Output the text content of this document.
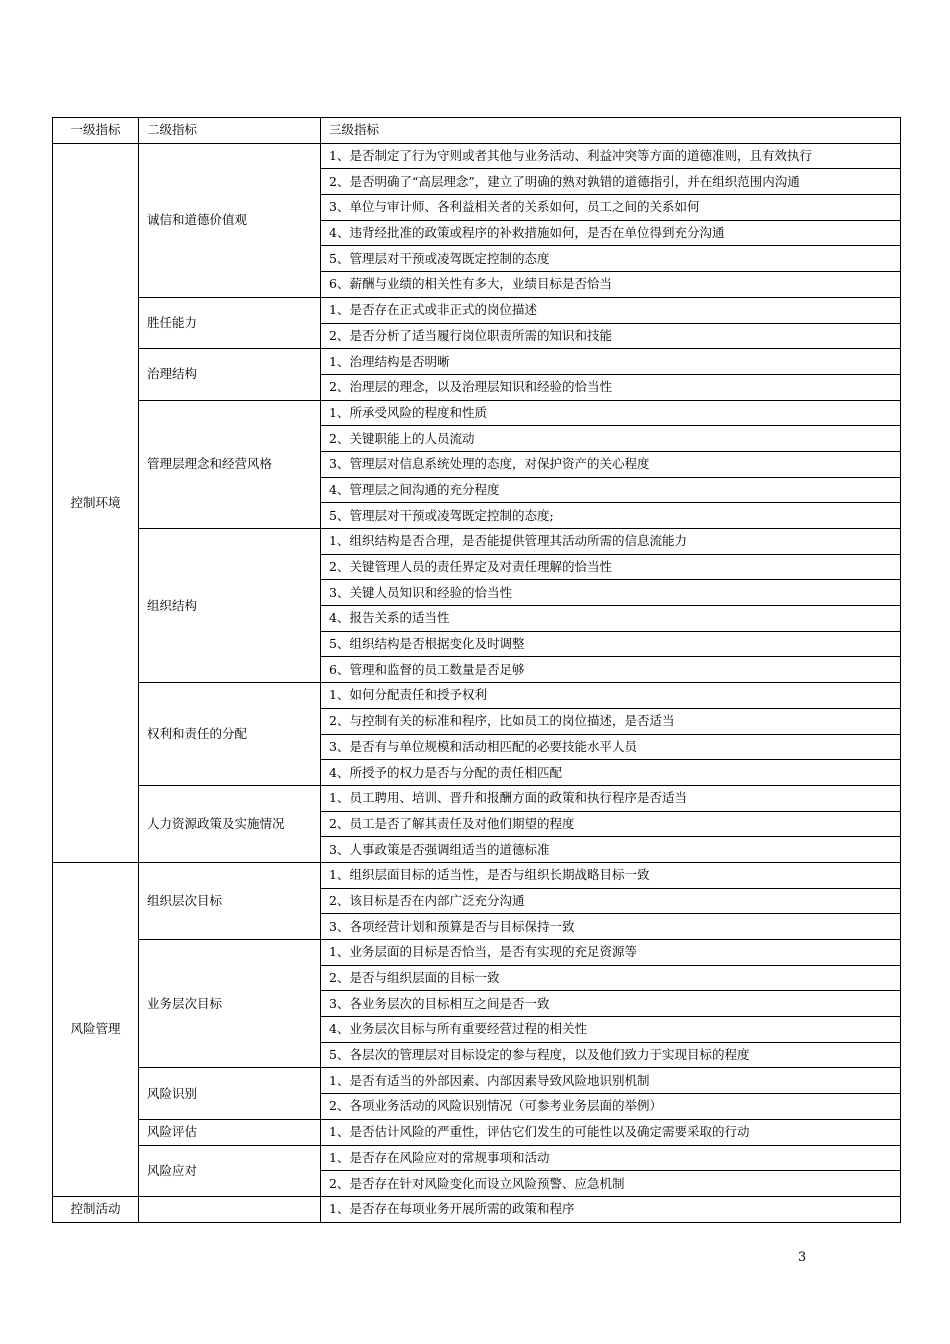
一级指标	二级指标	三级指标
控制环境	诚信和道德价值观	1、是否制定了行为守则或者其他与业务活动、利益冲突等方面的道德准则，且有效执行
		2、是否明确了“高层理念”，建立了明确的熟对孰错的道德指引，并在组织范围内沟通
		3、单位与审计师、各利益相关者的关系如何，员工之间的关系如何
		4、违背经批准的政策或程序的补救措施如何，是否在单位得到充分沟通
		5、管理层对干预或凌驾既定控制的态度
		6、薪酬与业绩的相关性有多大，业绩目标是否恰当
	胜任能力	1、是否存在正式或非正式的岗位描述
		2、是否分析了适当履行岗位职责所需的知识和技能
	治理结构	1、治理结构是否明晰
		2、治理层的理念，以及治理层知识和经验的恰当性
	管理层理念和经营风格	1、所承受风险的程度和性质
		2、关键职能上的人员流动
		3、管理层对信息系统处理的态度，对保护资产的关心程度
		4、管理层之间沟通的充分程度
		5、管理层对干预或凌驾既定控制的态度;
	组织结构	1、组织结构是否合理，是否能提供管理其活动所需的信息流能力
		2、关键管理人员的责任界定及对责任理解的恰当性
		3、关键人员知识和经验的恰当性
		4、报告关系的适当性
		5、组织结构是否根据变化及时调整
		6、管理和监督的员工数量是否足够
	权利和责任的分配	1、如何分配责任和授予权利
		2、与控制有关的标准和程序，比如员工的岗位描述，是否适当
		3、是否有与单位规模和活动相匹配的必要技能水平人员
		4、所授予的权力是否与分配的责任相匹配
	人力资源政策及实施情况	1、员工聘用、培训、晋升和报酬方面的政策和执行程序是否适当
		2、员工是否了解其责任及对他们期望的程度
		3、人事政策是否强调组适当的道德标准
风险管理	组织层次目标	1、组织层面目标的适当性，是否与组织长期战略目标一致
		2、该目标是否在内部广泛充分沟通
		3、各项经营计划和预算是否与目标保持一致
	业务层次目标	1、业务层面的目标是否恰当，是否有实现的充足资源等
		2、是否与组织层面的目标一致
		3、各业务层次的目标相互之间是否一致
		4、业务层次目标与所有重要经营过程的相关性
		5、各层次的管理层对目标设定的参与程度，以及他们致力于实现目标的程度
	风险识别	1、是否有适当的外部因素、内部因素导致风险地识别机制
		2、各项业务活动的风险识别情况（可参考业务层面的举例）
	风险评估	1、是否估计风险的严重性，评估它们发生的可能性以及确定需要采取的行动
	风险应对	1、是否存在风险应对的常规事项和活动
		2、是否存在针对风险变化而设立风险预警、应急机制
控制活动		1、是否存在每项业务开展所需的政策和程序
3
